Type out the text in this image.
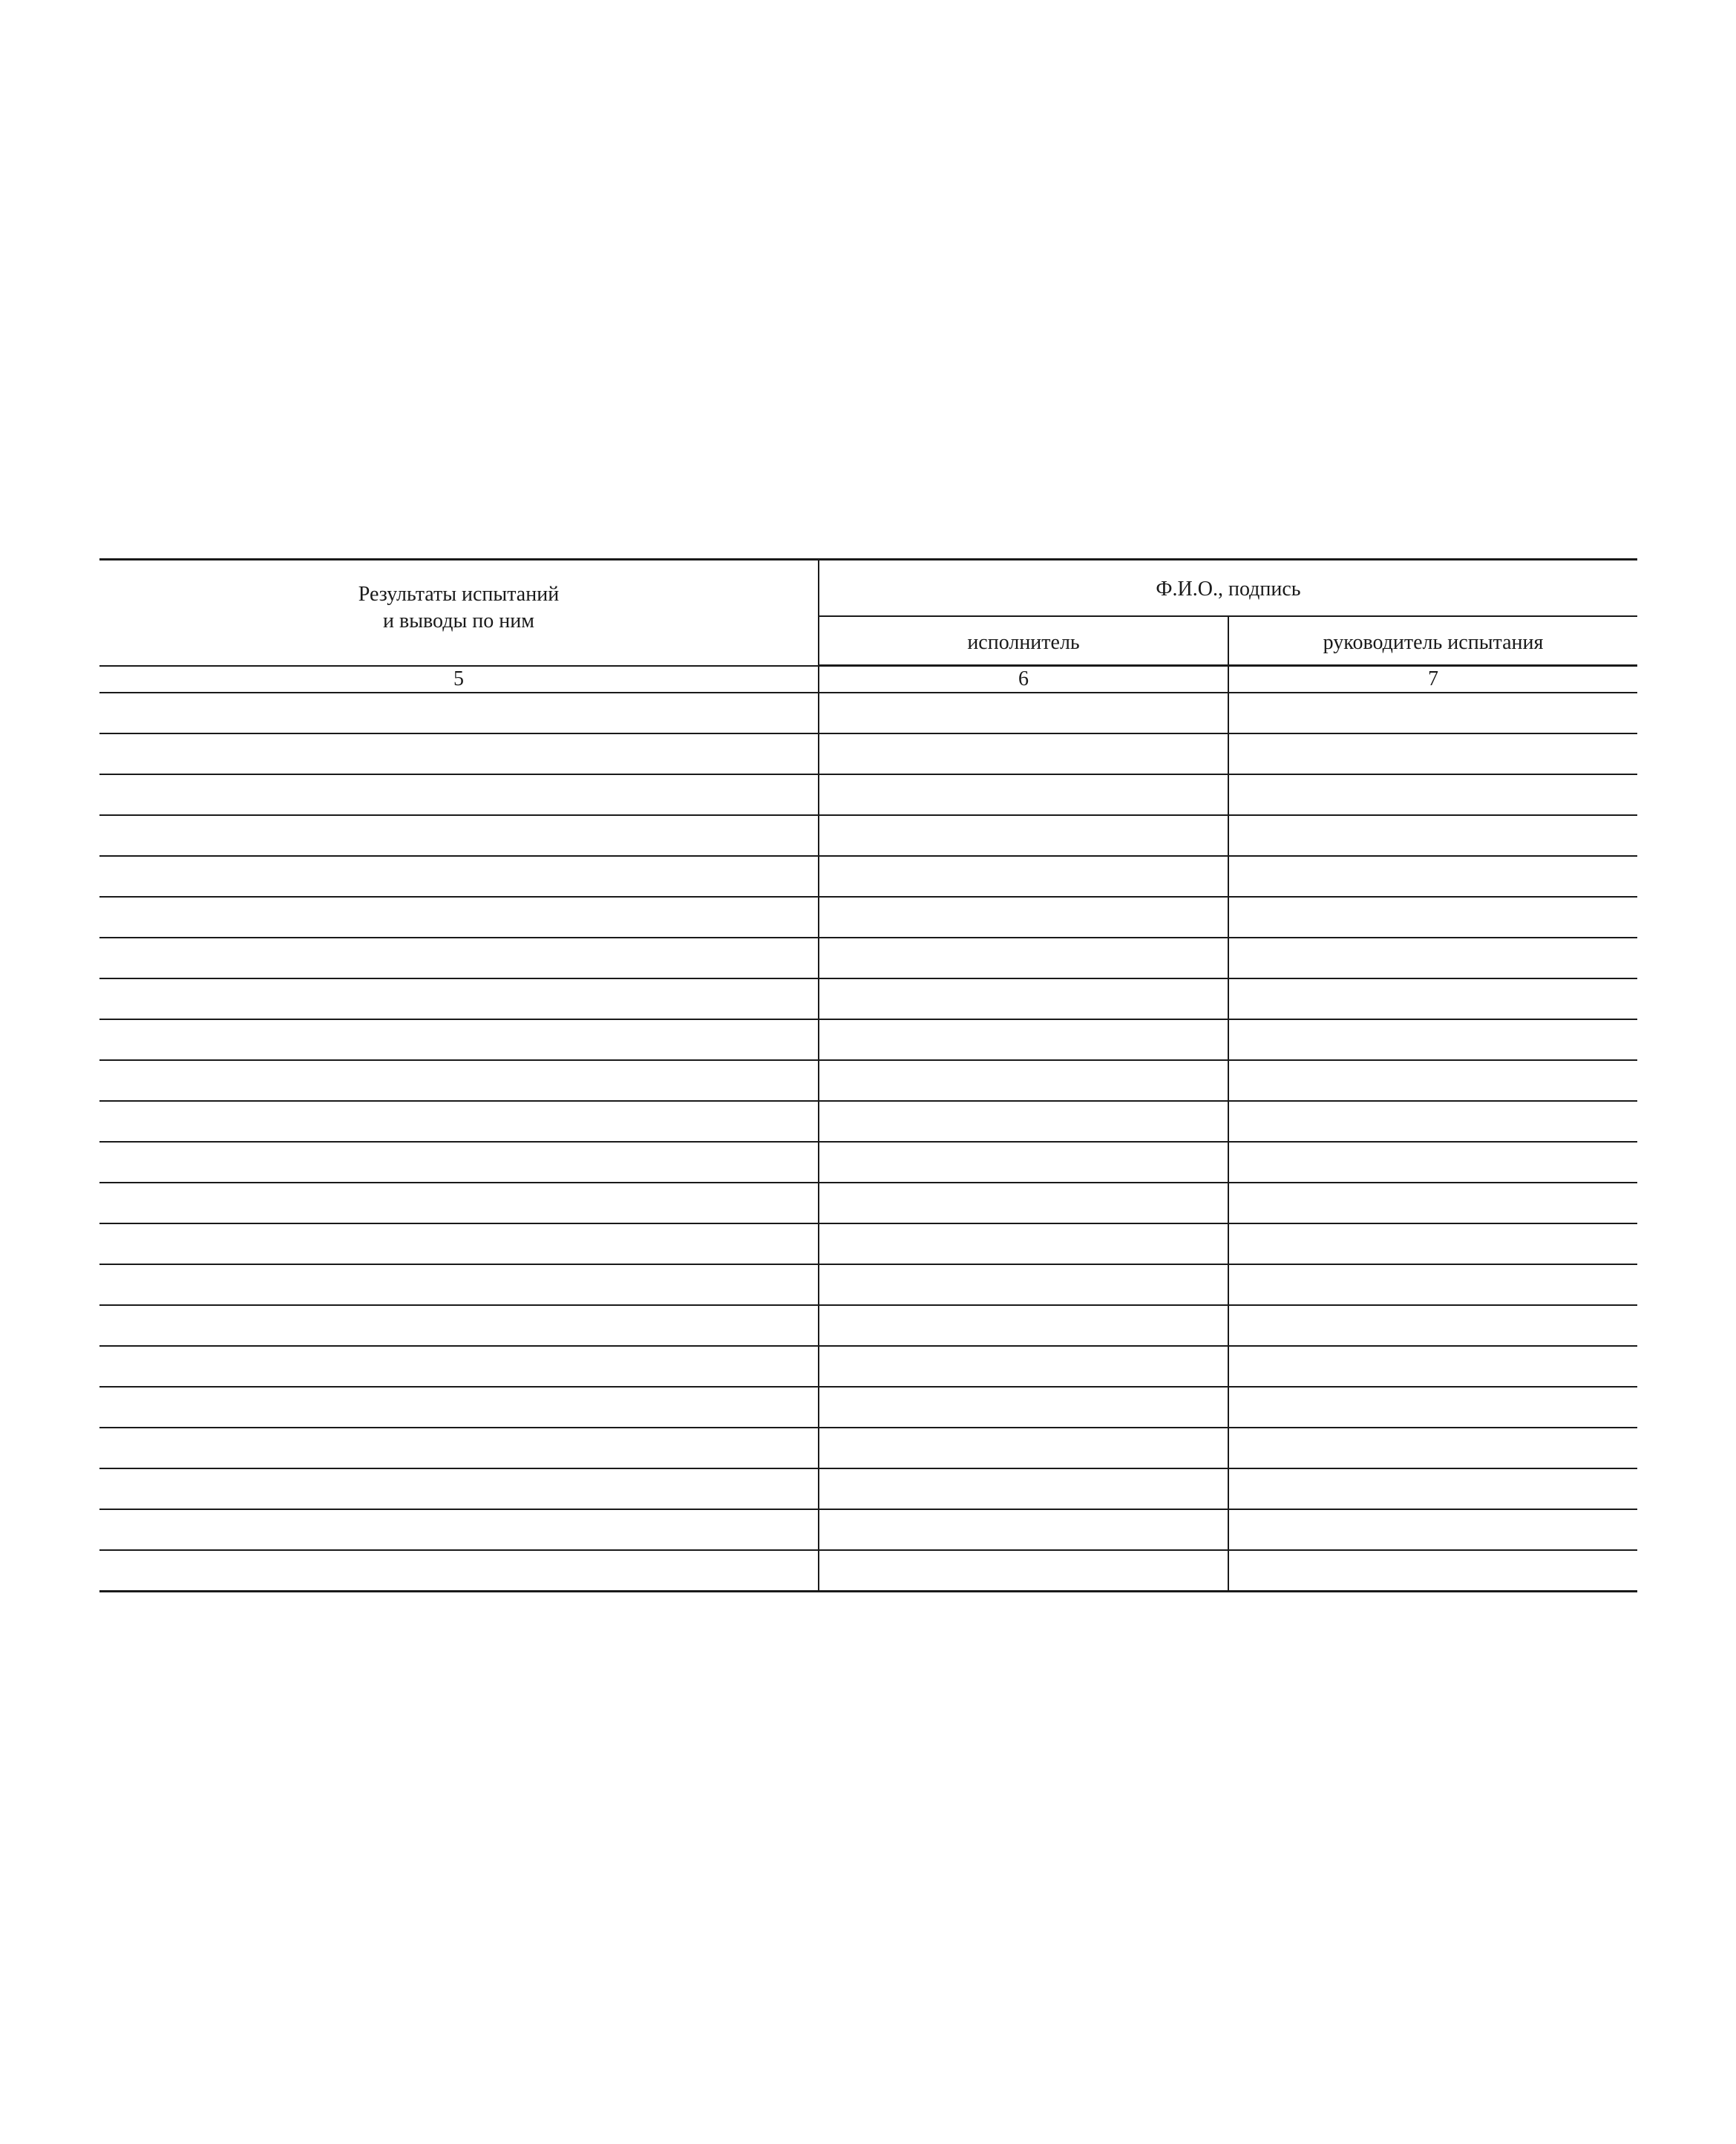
Результаты испытаний
и выводы по ним	Ф.И.О., подпись	
	исполнитель	руководитель испытания
5	6	7
